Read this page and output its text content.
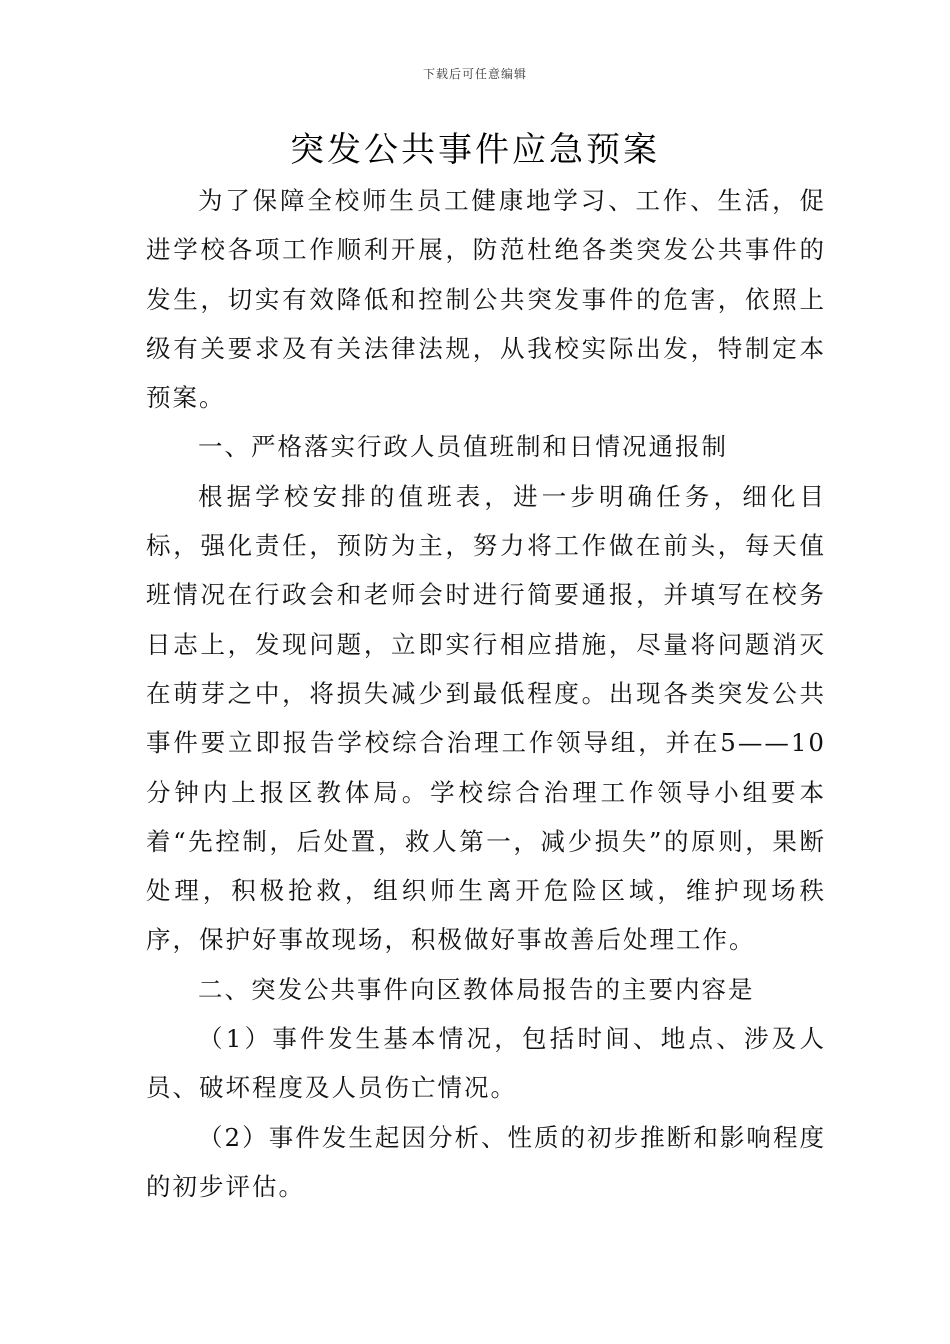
下载后可任意编辑
突发公共事件应急预案

为了保障全校师生员工健康地学习、工作、生活，促进学校各项工作顺利开展，防范杜绝各类突发公共事件的发生，切实有效降低和控制公共突发事件的危害，依照上级有关要求及有关法律法规，从我校实际出发，特制定本预案。

一、严格落实行政人员值班制和日情况通报制

根据学校安排的值班表，进一步明确任务，细化目标，强化责任，预防为主，努力将工作做在前头，每天值班情况在行政会和老师会时进行简要通报，并填写在校务日志上，发现问题，立即实行相应措施，尽量将问题消灭在萌芽之中，将损失减少到最低程度。出现各类突发公共事件要立即报告学校综合治理工作领导组，并在5——10分钟内上报区教体局。学校综合治理工作领导小组要本着“先控制，后处置，救人第一，减少损失”的原则，果断处理，积极抢救，组织师生离开危险区域，维护现场秩序，保护好事故现场，积极做好事故善后处理工作。

二、突发公共事件向区教体局报告的主要内容是

（1）事件发生基本情况，包括时间、地点、涉及人员、破坏程度及人员伤亡情况。

（2）事件发生起因分析、性质的初步推断和影响程度的初步评估。
